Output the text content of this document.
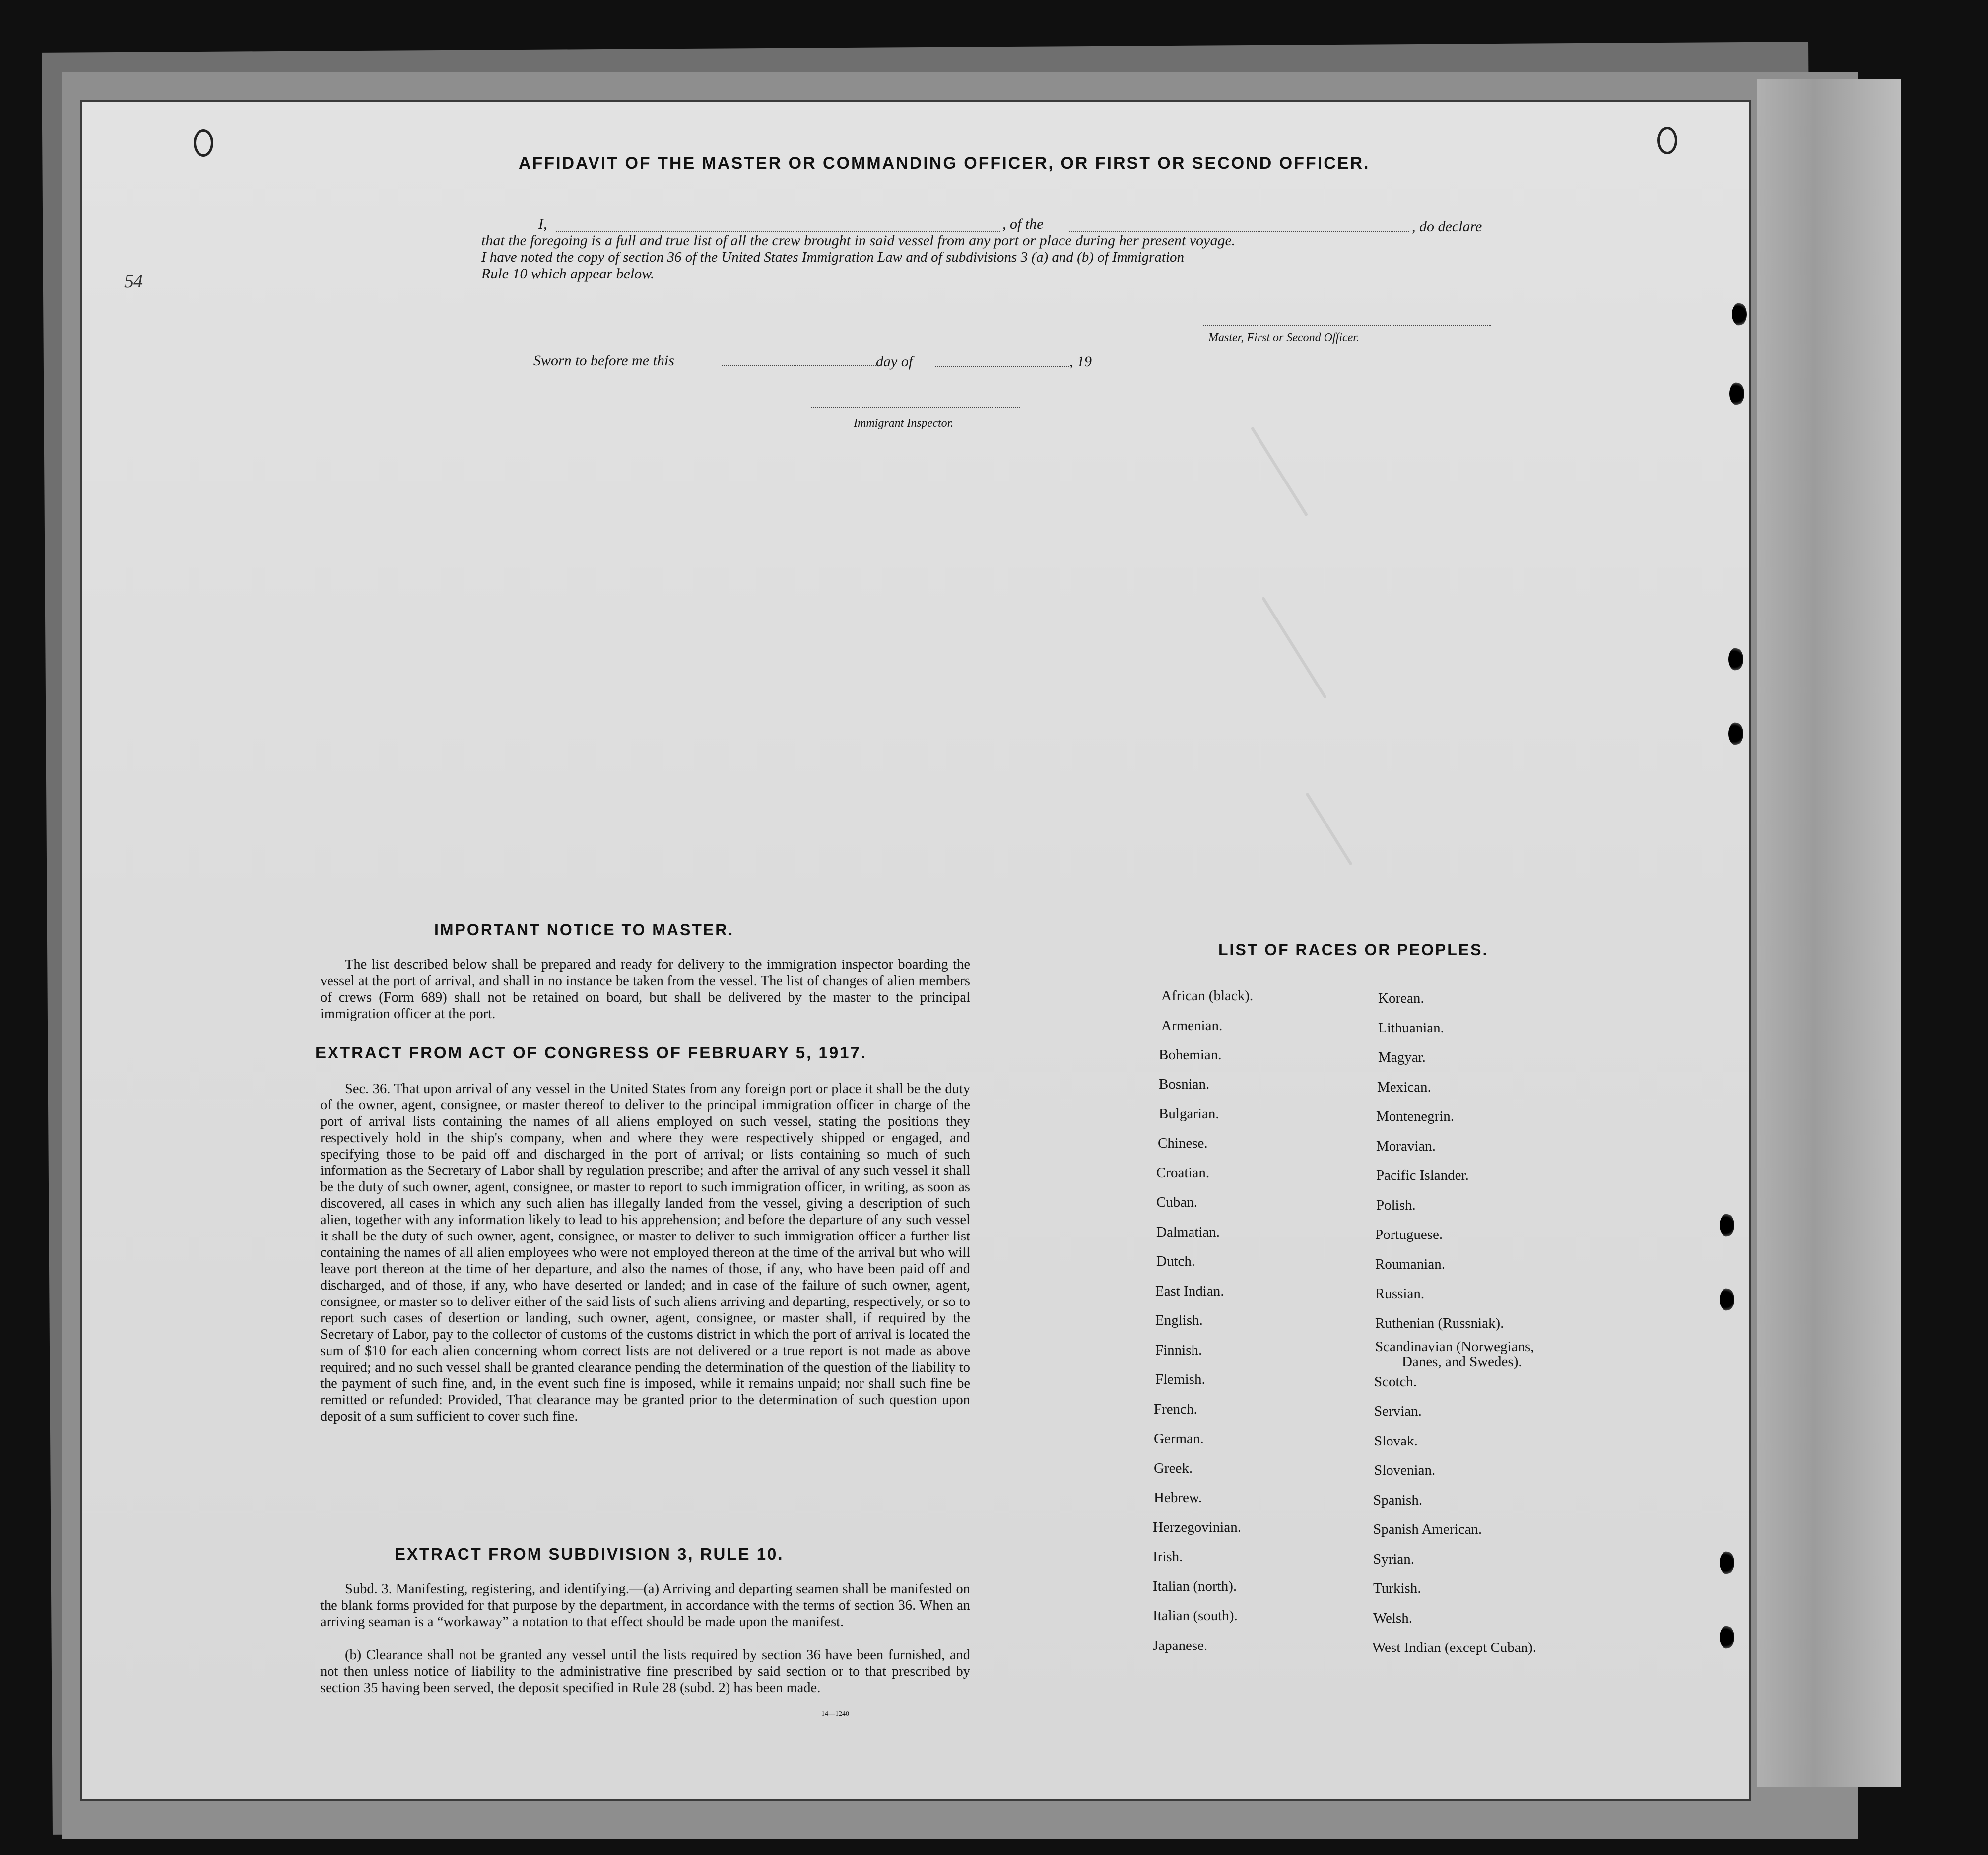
54
AFFIDAVIT OF THE MASTER OR COMMANDING OFFICER, OR FIRST OR SECOND OFFICER.
I,	, of the	, do declare
that the foregoing is a full and true list of all the crew brought in said vessel from any port or place during her present voyage.
I have noted the copy of section 36 of the United States Immigration Law and of subdivisions 3 (a) and (b) of Immigration
Rule 10 which appear below.
Master, First or Second Officer.
Sworn to before me this	day of	, 19
Immigrant Inspector.
IMPORTANT NOTICE TO MASTER.
The list described below shall be prepared and ready for delivery to the immigration inspector boarding the vessel at the port of arrival, and shall in no instance be taken from the vessel. The list of changes of alien members of crews (Form 689) shall not be retained on board, but shall be delivered by the master to the principal immigration officer at the port.
EXTRACT FROM ACT OF CONGRESS OF FEBRUARY 5, 1917.
Sec. 36. That upon arrival of any vessel in the United States from any foreign port or place it shall be the duty of the owner, agent, consignee, or master thereof to deliver to the principal immigration officer in charge of the port of arrival lists containing the names of all aliens employed on such vessel, stating the positions they respectively hold in the ship's company, when and where they were respectively shipped or engaged, and specifying those to be paid off and discharged in the port of arrival; or lists containing so much of such information as the Secretary of Labor shall by regulation prescribe; and after the arrival of any such vessel it shall be the duty of such owner, agent, consignee, or master to report to such immigration officer, in writing, as soon as discovered, all cases in which any such alien has illegally landed from the vessel, giving a description of such alien, together with any information likely to lead to his apprehension; and before the departure of any such vessel it shall be the duty of such owner, agent, consignee, or master to deliver to such immigration officer a further list containing the names of all alien employees who were not employed thereon at the time of the arrival but who will leave port thereon at the time of her departure, and also the names of those, if any, who have been paid off and discharged, and of those, if any, who have deserted or landed; and in case of the failure of such owner, agent, consignee, or master so to deliver either of the said lists of such aliens arriving and departing, respectively, or so to report such cases of desertion or landing, such owner, agent, consignee, or master shall, if required by the Secretary of Labor, pay to the collector of customs of the customs district in which the port of arrival is located the sum of $10 for each alien concerning whom correct lists are not delivered or a true report is not made as above required; and no such vessel shall be granted clearance pending the determination of the question of the liability to the payment of such fine, and, in the event such fine is imposed, while it remains unpaid; nor shall such fine be remitted or refunded: Provided, That clearance may be granted prior to the determination of such question upon deposit of a sum sufficient to cover such fine.
EXTRACT FROM SUBDIVISION 3, RULE 10.
Subd. 3. Manifesting, registering, and identifying.—(a) Arriving and departing seamen shall be manifested on the blank forms provided for that purpose by the department, in accordance with the terms of section 36. When an arriving seaman is a “workaway” a notation to that effect should be made upon the manifest.
(b) Clearance shall not be granted any vessel until the lists required by section 36 have been furnished, and not then unless notice of liability to the administrative fine prescribed by said section or to that prescribed by section 35 having been served, the deposit specified in Rule 28 (subd. 2) has been made.
14—1240
LIST OF RACES OR PEOPLES.
African (black).
Armenian.
Bohemian.
Bosnian.
Bulgarian.
Chinese.
Croatian.
Cuban.
Dalmatian.
Dutch.
East Indian.
English.
Finnish.
Flemish.
French.
German.
Greek.
Hebrew.
Herzegovinian.
Irish.
Italian (north).
Italian (south).
Japanese.
Korean.
Lithuanian.
Magyar.
Mexican.
Montenegrin.
Moravian.
Pacific Islander.
Polish.
Portuguese.
Roumanian.
Russian.
Ruthenian (Russniak).
Scandinavian (Norwegians,
Danes, and Swedes).
Scotch.
Servian.
Slovak.
Slovenian.
Spanish.
Spanish American.
Syrian.
Turkish.
Welsh.
West Indian (except Cuban).
